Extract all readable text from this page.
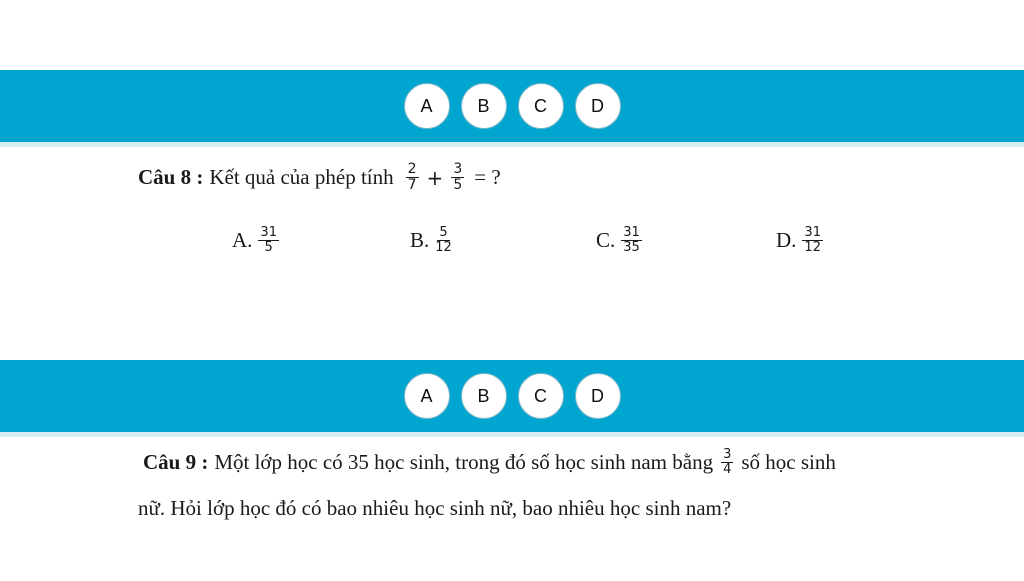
A	B	C	D
Câu 8 : Kết quả của phép tính $\frac{2}{7} + \frac{3}{5}$ = ?
A. $\frac{31}{5}$	B. $\frac{5}{12}$	C. $\frac{31}{35}$	D. $\frac{31}{12}$
A	B	C	D
Câu 9 : Một lớp học có 35 học sinh, trong đó số học sinh nam bằng $\frac{3}{4}$ số học sinh
nữ. Hỏi lớp học đó có bao nhiêu học sinh nữ, bao nhiêu học sinh nam?
